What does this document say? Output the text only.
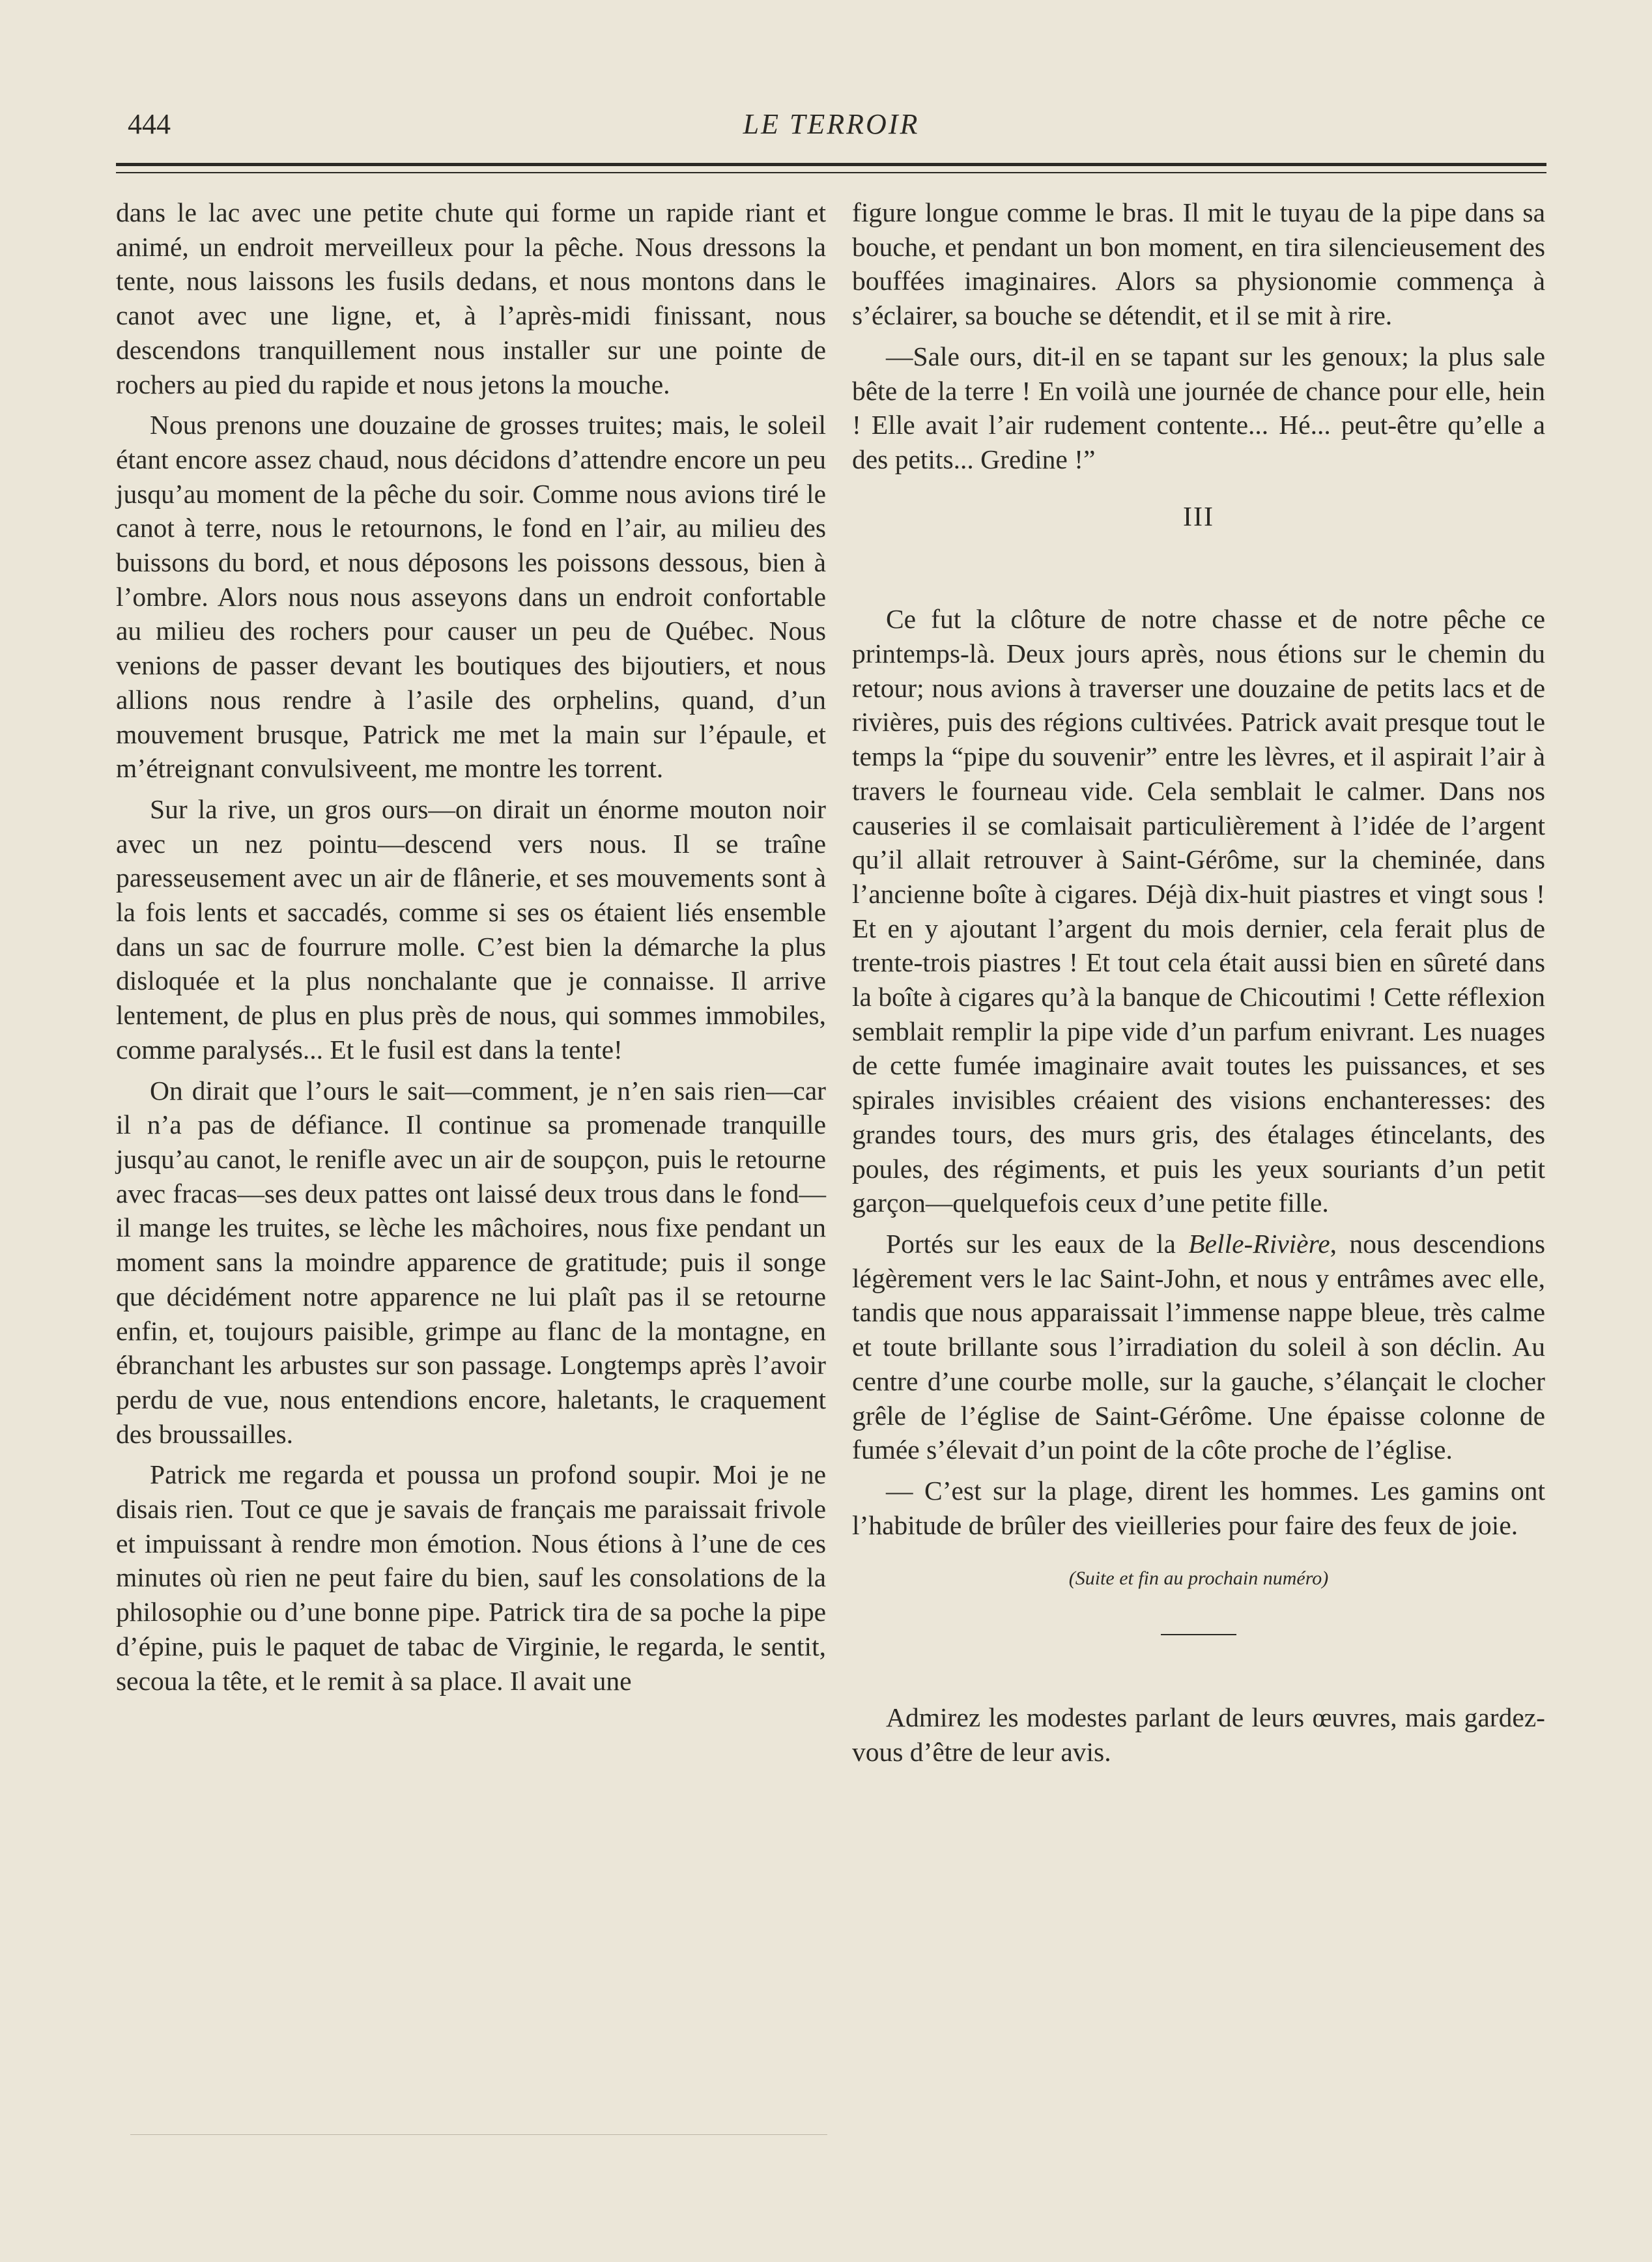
444	LE TERROIR

dans le lac avec une petite chute qui forme un rapide riant et animé, un endroit merveilleux pour la pêche. Nous dressons la tente, nous laissons les fusils dedans, et nous montons dans le canot avec une ligne, et, à l’après-midi finissant, nous descendons tranquillement nous installer sur une pointe de rochers au pied du rapide et nous jetons la mouche.

Nous prenons une douzaine de grosses truites; mais, le soleil étant encore assez chaud, nous décidons d’attendre encore un peu jusqu’au moment de la pêche du soir. Comme nous avions tiré le canot à terre, nous le retournons, le fond en l’air, au milieu des buissons du bord, et nous déposons les poissons dessous, bien à l’ombre. Alors nous nous asseyons dans un endroit confortable au milieu des rochers pour causer un peu de Québec. Nous venions de passer devant les boutiques des bijoutiers, et nous allions nous rendre à l’asile des orphelins, quand, d’un mouvement brusque, Patrick me met la main sur l’épaule, et m’étreignant convulsiveent, me montre les torrent.

Sur la rive, un gros ours—on dirait un énorme mouton noir avec un nez pointu—descend vers nous. Il se traîne paresseusement avec un air de flânerie, et ses mouvements sont à la fois lents et saccadés, comme si ses os étaient liés ensemble dans un sac de fourrure molle. C’est bien la démarche la plus disloquée et la plus nonchalante que je connaisse. Il arrive lentement, de plus en plus près de nous, qui sommes immobiles, comme paralysés... Et le fusil est dans la tente!

On dirait que l’ours le sait—comment, je n’en sais rien—car il n’a pas de défiance. Il continue sa promenade tranquille jusqu’au canot, le renifle avec un air de soupçon, puis le retourne avec fracas—ses deux pattes ont laissé deux trous dans le fond—il mange les truites, se lèche les mâchoires, nous fixe pendant un moment sans la moindre apparence de gratitude; puis il songe que décidément notre apparence ne lui plaît pas il se retourne enfin, et, toujours paisible, grimpe au flanc de la montagne, en ébranchant les arbustes sur son passage. Longtemps après l’avoir perdu de vue, nous entendions encore, haletants, le craquement des broussailles.

Patrick me regarda et poussa un profond soupir. Moi je ne disais rien. Tout ce que je savais de français me paraissait frivole et impuissant à rendre mon émotion. Nous étions à l’une de ces minutes où rien ne peut faire du bien, sauf les consolations de la philosophie ou d’une bonne pipe. Patrick tira de sa poche la pipe d’épine, puis le paquet de tabac de Virginie, le regarda, le sentit, secoua la tête, et le remit à sa place. Il avait une

figure longue comme le bras. Il mit le tuyau de la pipe dans sa bouche, et pendant un bon moment, en tira silencieusement des bouffées imaginaires. Alors sa physionomie commença à s’éclairer, sa bouche se détendit, et il se mit à rire.

—Sale ours, dit-il en se tapant sur les genoux; la plus sale bête de la terre ! En voilà une journée de chance pour elle, hein ! Elle avait l’air rudement contente... Hé... peut-être qu’elle a des petits... Gredine !”

III

Ce fut la clôture de notre chasse et de notre pêche ce printemps-là. Deux jours après, nous étions sur le chemin du retour; nous avions à traverser une douzaine de petits lacs et de rivières, puis des régions cultivées. Patrick avait presque tout le temps la “pipe du souvenir” entre les lèvres, et il aspirait l’air à travers le fourneau vide. Cela semblait le calmer. Dans nos causeries il se comlaisait particulièrement à l’idée de l’argent qu’il allait retrouver à Saint-Gérôme, sur la cheminée, dans l’ancienne boîte à cigares. Déjà dix-huit piastres et vingt sous ! Et en y ajoutant l’argent du mois dernier, cela ferait plus de trente-trois piastres ! Et tout cela était aussi bien en sûreté dans la boîte à cigares qu’à la banque de Chicoutimi ! Cette réflexion semblait remplir la pipe vide d’un parfum enivrant. Les nuages de cette fumée imaginaire avait toutes les puissances, et ses spirales invisibles créaient des visions enchanteresses: des grandes tours, des murs gris, des étalages étincelants, des poules, des régiments, et puis les yeux souriants d’un petit garçon—quelquefois ceux d’une petite fille.

Portés sur les eaux de la Belle-Rivière, nous descendions légèrement vers le lac Saint-John, et nous y entrâmes avec elle, tandis que nous apparaissait l’immense nappe bleue, très calme et toute brillante sous l’irradiation du soleil à son déclin. Au centre d’une courbe molle, sur la gauche, s’élançait le clocher grêle de l’église de Saint-Gérôme. Une épaisse colonne de fumée s’élevait d’un point de la côte proche de l’église.

— C’est sur la plage, dirent les hommes. Les gamins ont l’habitude de brûler des vieilleries pour faire des feux de joie.

(Suite et fin au prochain numéro)

Admirez les modestes parlant de leurs œuvres, mais gardez-vous d’être de leur avis.
